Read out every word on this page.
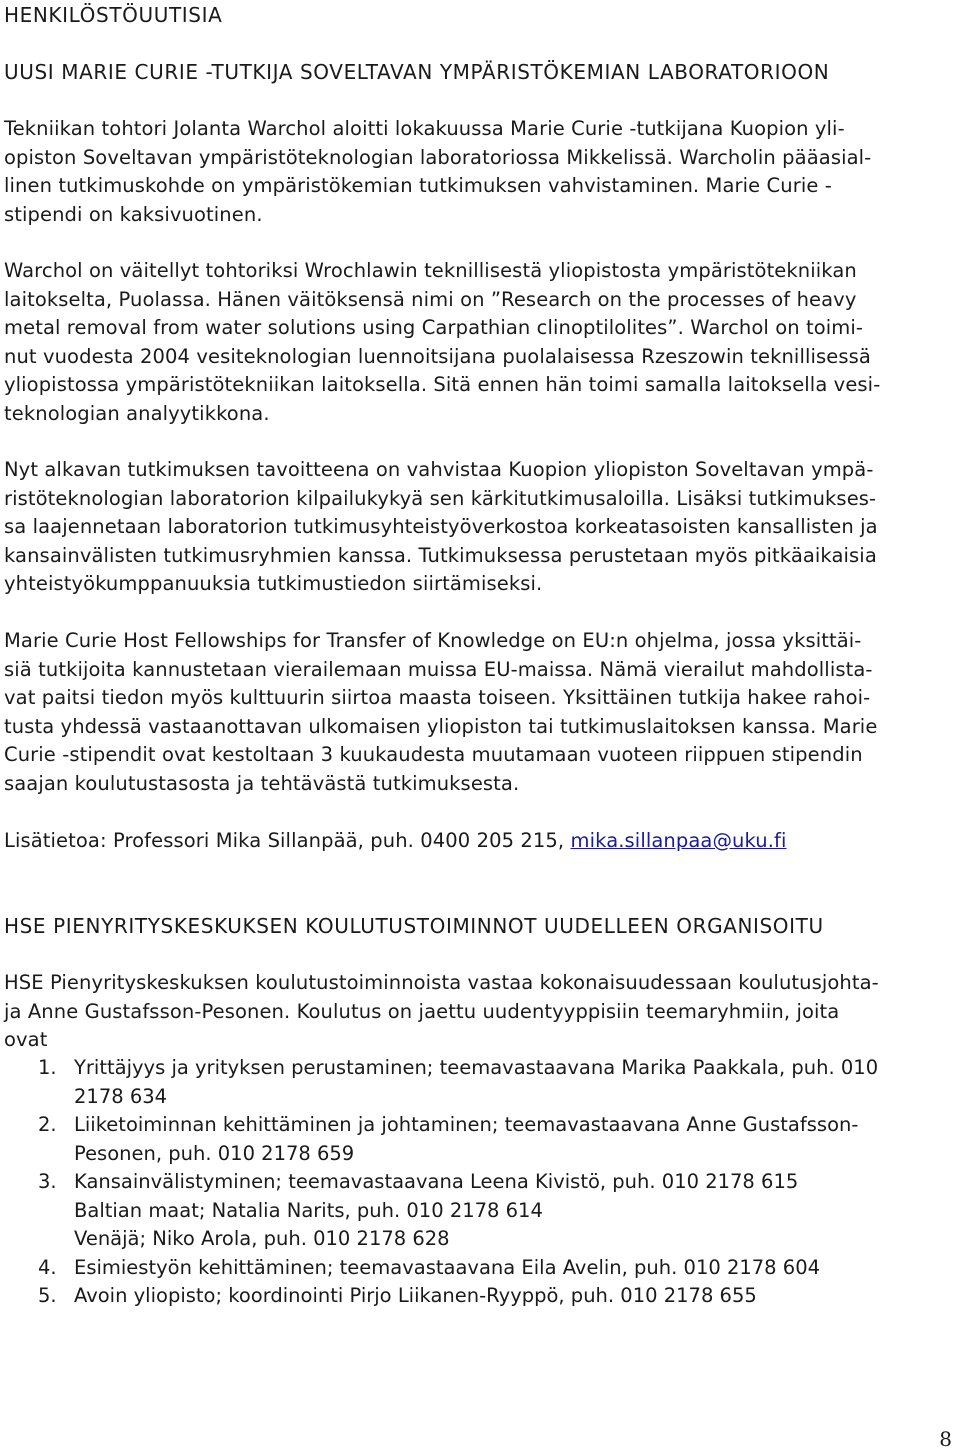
HENKILÖSTÖUUTISIA
UUSI MARIE CURIE -TUTKIJA SOVELTAVAN YMPÄRISTÖKEMIAN LABORATORIOON
Tekniikan tohtori Jolanta Warchol aloitti lokakuussa Marie Curie -tutkijana Kuopion yli-
opiston Soveltavan ympäristöteknologian laboratoriossa Mikkelissä. Warcholin pääasial-
linen tutkimuskohde on ympäristökemian tutkimuksen vahvistaminen. Marie Curie -
stipendi on kaksivuotinen.
Warchol on väitellyt tohtoriksi Wrochlawin teknillisestä yliopistosta ympäristötekniikan
laitokselta, Puolassa. Hänen väitöksensä nimi on ”Research on the processes of heavy
metal removal from water solutions using Carpathian clinoptilolites”. Warchol on toimi-
nut vuodesta 2004 vesiteknologian luennoitsijana puolalaisessa Rzeszowin teknillisessä
yliopistossa ympäristötekniikan laitoksella. Sitä ennen hän toimi samalla laitoksella vesi-
teknologian analyytikkona.
Nyt alkavan tutkimuksen tavoitteena on vahvistaa Kuopion yliopiston Soveltavan ympä-
ristöteknologian laboratorion kilpailukykyä sen kärkitutkimusaloilla. Lisäksi tutkimukses-
sa laajennetaan laboratorion tutkimusyhteistyöverkostoa korkeatasoisten kansallisten ja
kansainvälisten tutkimusryhmien kanssa. Tutkimuksessa perustetaan myös pitkäaikaisia
yhteistyökumppanuuksia tutkimustiedon siirtämiseksi.
Marie Curie Host Fellowships for Transfer of Knowledge on EU:n ohjelma, jossa yksittäi-
siä tutkijoita kannustetaan vierailemaan muissa EU-maissa. Nämä vierailut mahdollista-
vat paitsi tiedon myös kulttuurin siirtoa maasta toiseen. Yksittäinen tutkija hakee rahoi-
tusta yhdessä vastaanottavan ulkomaisen yliopiston tai tutkimuslaitoksen kanssa. Marie
Curie -stipendit ovat kestoltaan 3 kuukaudesta muutamaan vuoteen riippuen stipendin
saajan koulutustasosta ja tehtävästä tutkimuksesta.
Lisätietoa: Professori Mika Sillanpää, puh. 0400 205 215, mika.sillanpaa@uku.fi
HSE PIENYRITYSKESKUKSEN KOULUTUSTOIMINNOT UUDELLEEN ORGANISOITU
HSE Pienyrityskeskuksen koulutustoiminnoista vastaa kokonaisuudessaan koulutusjohta-
ja Anne Gustafsson-Pesonen. Koulutus on jaettu uudentyyppisiin teemaryhmiin, joita
ovat
1. Yrittäjyys ja yrityksen perustaminen; teemavastaavana Marika Paakkala, puh. 010
2178 634
2. Liiketoiminnan kehittäminen ja johtaminen; teemavastaavana Anne Gustafsson-
Pesonen, puh. 010 2178 659
3. Kansainvälistyminen; teemavastaavana Leena Kivistö, puh. 010 2178 615
Baltian maat; Natalia Narits, puh. 010 2178 614
Venäjä; Niko Arola, puh. 010 2178 628
4. Esimiestyön kehittäminen; teemavastaavana Eila Avelin, puh. 010 2178 604
5. Avoin yliopisto; koordinointi Pirjo Liikanen-Ryyppö, puh. 010 2178 655
8
